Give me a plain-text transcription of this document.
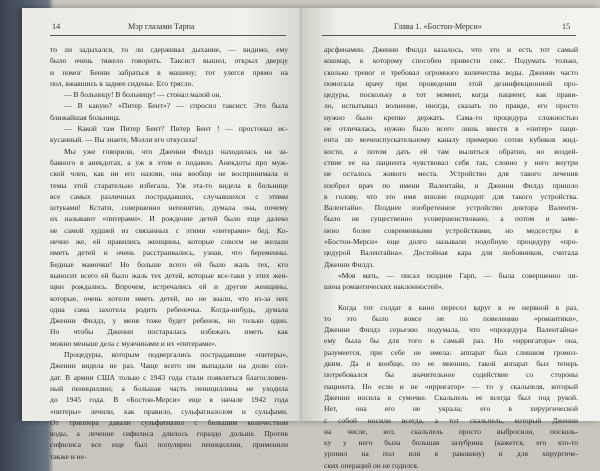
14	Мэр глазами Тарпа
то ли задыхался, то ли сдерживал дыхание, — видимо, ему
было очень тяжело говорить. Таксист вышел, открыл дверцу
и помог Бенни забраться в машину; тот улегся прямо на
пол, вжавшись в заднее сиденье. Его трясло.
— В больницу! В больницу! — стонал малой он.
— В какую? «Питер Бент»? — спросил таксист. Это была
ближайшая больница.
— Какой там Питер Бент? Питер Бент ! — простонал ис-
кусанный. — Вы знаете, Молли его откусила!
Мы уже говорили, что Дженни Филдз находилась на за-
бавного в анекдотах, а уж в этом и подавно. Анекдоты про муж-
ской член, как ни его назови, она вообще не воспринимала и
темы этой старательно избегала. Уж эта-то видела в больнице
все самых различных пострадавших, случавшихся с этими
штуками! Кстати, совершенно непонятно, думала она, почему
их называют «питерами». И рождение детей было еще далеко
не самой худшей из связанных с этими «питерами» бед. Ко-
нечно же, ей нравились женщины, которые совсем не желали
иметь детей и очень расстраивались, узнав, что беременны.
Бедные мамочки! Но больше всего ей было жаль тех, кто
выносит всего ей было жаль тех детей, которые все-таки у этих жен-
щин рождались. Впрочем, встречались ей и другие женщины,
которые, очень хотели иметь детей, но не знали, что из-за них
одна сама захотела родить ребеночка. Когда-нибудь, думала
Дженни Филдз, у меня тоже будет ребенок, но только один.
Но чтобы Дженни постаралась избежать иметь как
можно меньше дела с мужчинами и их «питерами».
Процедуры, которым подвергались пострадавшие «питеры»,
Дженни видела не раз. Чаще всего им выпадали на долю сол-
дат. В армии США только с 1943 года стали появляться благословен-
ный пенициллин; а большая часть пенициллина не уходила
до 1945 года. В «Бостон-Мерси» еще в начале 1942 года
«питеры» лечили, как правило, сульфатиазолом и сульфами.
От триппера давали сульфатиазол с большим количеством
воды, а лечение сифилиса длилось гораздо дольше. Против
сифилиса все еще был популярен пенициллин, применяли
также и не-
Глава 1. «Бостон-Мерси»	15
арсфенамин. Дженни Филдз казалось, что это и есть тот самый
кошмар, к которому способен привести секс. Подумать только,
сколько тревог и требовал огромного количества воды. Дженни часто
помогала врачу при проведении этой дезинфекционной про-
цедуры, поскольку в тот момент, когда пациент, как прави-
ло, испытывал волнение, иногда, сказать по правде, его просто
нужно было крепко держать. Сама-то процедура сложностью
не отличалась, нужно было всего лишь ввести в «питер» паци-
ента по мочеиспускательному каналу примерно сотни кубиков жид-
кости, а потом дать ей там вылиться обратно, но воздей-
ствие ее на пациента чувствовал себя так, словно у него внутри
не осталось живого места. Устройство для такого лечения
изобрел врач по имени Валентайн, и Дженни Филдз пришло
в голову, что это имя вполне подходит для такого устройства.
Валентайн». Позднее изобретенное устройство доктора Валенти-
было не существенно усовершенствовано, а потом и заме-
нено более современными устройствами, но медсестры в
«Бостон-Мерси» еще долго называли подобную процедуру «про-
цедурой Валентайна». Достойная кара для любовников, считала
Дженни Филдз.
«Моя мать, — писал позднее Гарп, — была совершенно ли-
шена романтических наклонностей».
Когда тот солдат в кино пересел вдруг в ее нервной в раз,
то это было вовсе не по повелению «романтики»,
Дженни Филдз серьезно подумала, что «процедура Валентайна»
ему была бы для того в самый раз. Но «ирригатора» она,
разумеется, при себе не имела: аппарат был слишком громоз-
дким. Да и вообще, по ее мнению, такой аппарат был теперь
потребовался бы значительное содействие со стороны
пациента. Но если и не «ирригатор» — то у скальпеля, который
Дженни носила в сумочке. Скальпель ее всегда был под рукой.
Нет, она его не украла; его в хирургической
с собой носили всегда, а тот скальпель, который Дженни
на числе, вот, скальпель просто выбросили, посколь-
ку у него была большая зазубрина (кажется, его кто-то
уронил на пол или в раковину) и для хирургиче-
ских операций он не годился.
